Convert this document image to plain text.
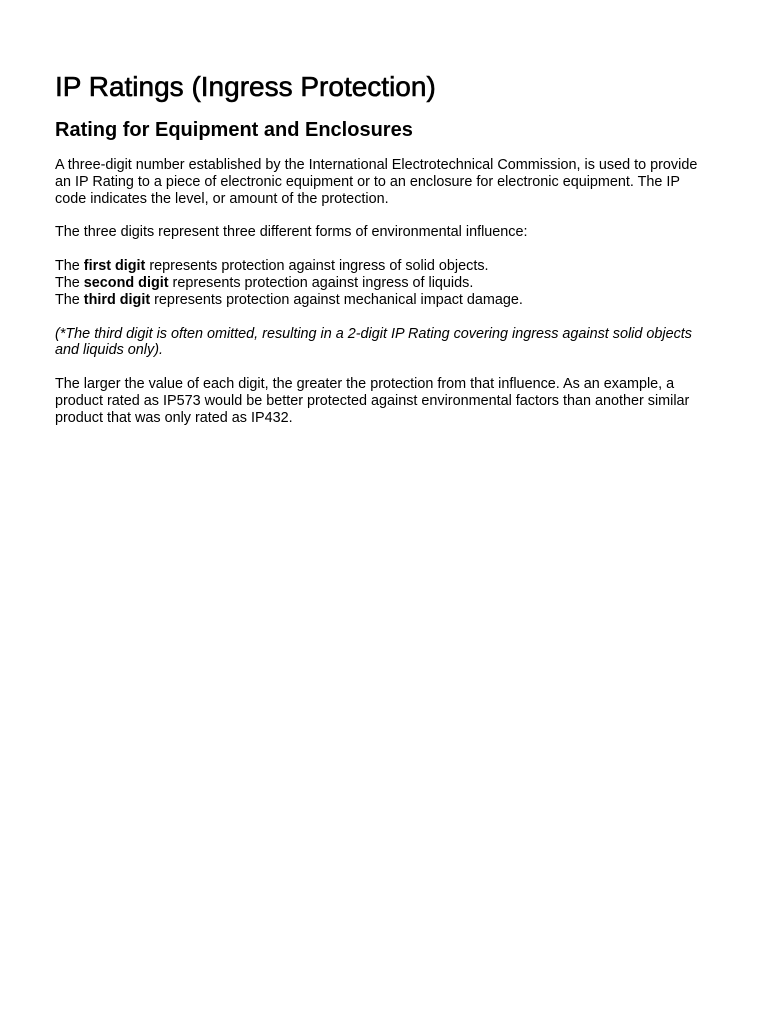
IP Ratings (Ingress Protection)
Rating for Equipment and Enclosures

A three-digit number established by the International Electrotechnical Commission, is used to provide an IP Rating to a piece of electronic equipment or to an enclosure for electronic equipment. The IP code indicates the level, or amount of the protection.

The three digits represent three different forms of environmental influence:

The first digit represents protection against ingress of solid objects.
The second digit represents protection against ingress of liquids.
The third digit represents protection against mechanical impact damage.

(*The third digit is often omitted, resulting in a 2-digit IP Rating covering ingress against solid objects and liquids only).

The larger the value of each digit, the greater the protection from that influence. As an example, a product rated as IP573 would be better protected against environmental factors than another similar product that was only rated as IP432.
